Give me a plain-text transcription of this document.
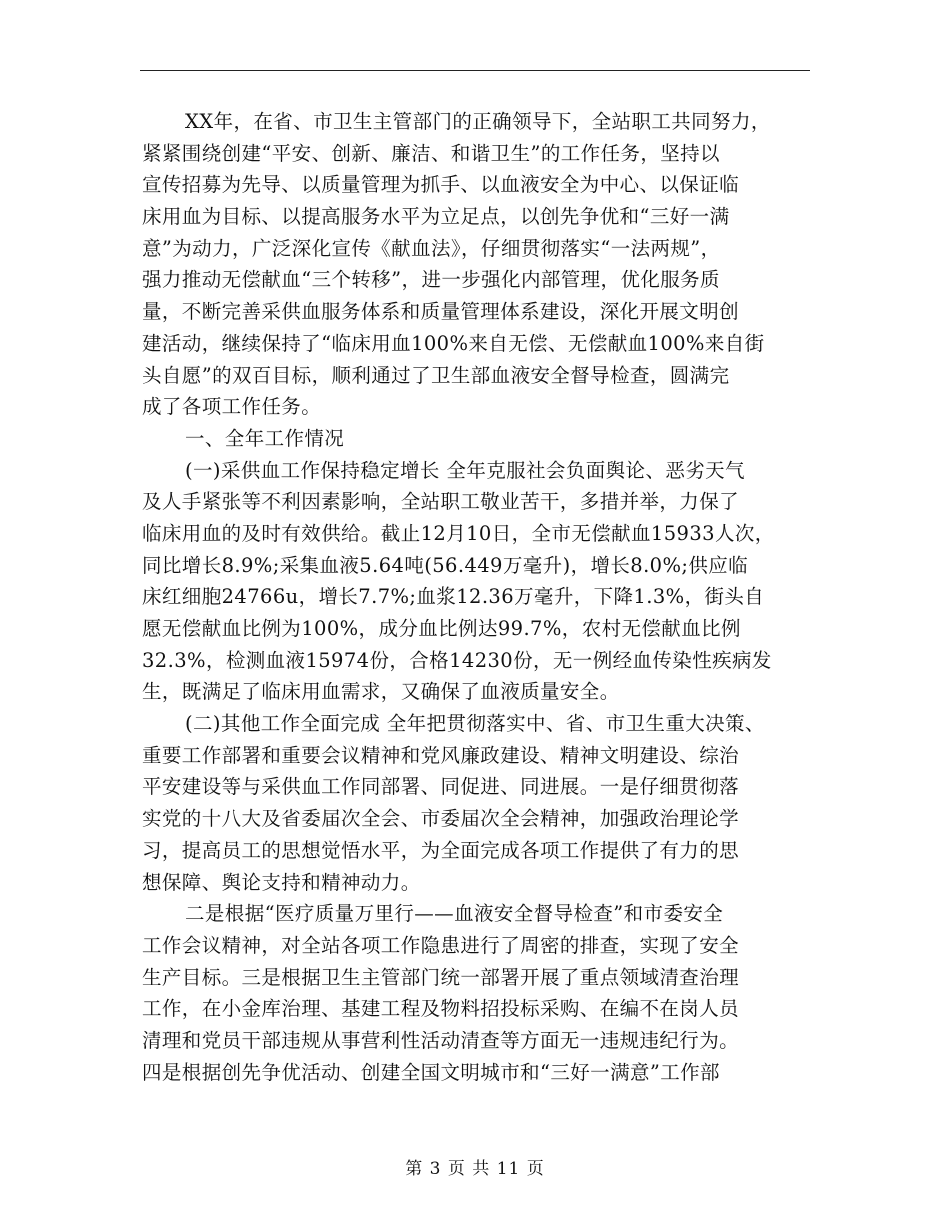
XX年，在省、市卫生主管部门的正确领导下，全站职工共同努力，
紧紧围绕创建“平安、创新、廉洁、和谐卫生”的工作任务，坚持以
宣传招募为先导、以质量管理为抓手、以血液安全为中心、以保证临
床用血为目标、以提高服务水平为立足点，以创先争优和“三好一满
意”为动力，广泛深化宣传《献血法》，仔细贯彻落实“一法两规”，
强力推动无偿献血“三个转移”，进一步强化内部管理，优化服务质
量，不断完善采供血服务体系和质量管理体系建设，深化开展文明创
建活动，继续保持了“临床用血100%来自无偿、无偿献血100%来自街
头自愿”的双百目标，顺利通过了卫生部血液安全督导检查，圆满完
成了各项工作任务。
一、全年工作情况
(一)采供血工作保持稳定增长 全年克服社会负面舆论、恶劣天气
及人手紧张等不利因素影响，全站职工敬业苦干，多措并举，力保了
临床用血的及时有效供给。截止12月10日，全市无偿献血15933人次，
同比增长8.9%;采集血液5.64吨(56.449万毫升)，增长8.0%;供应临
床红细胞24766u，增长7.7%;血浆12.36万毫升，下降1.3%，街头自
愿无偿献血比例为100%，成分血比例达99.7%，农村无偿献血比例
32.3%，检测血液15974份，合格14230份，无一例经血传染性疾病发
生，既满足了临床用血需求，又确保了血液质量安全。
(二)其他工作全面完成 全年把贯彻落实中、省、市卫生重大决策、
重要工作部署和重要会议精神和党风廉政建设、精神文明建设、综治
平安建设等与采供血工作同部署、同促进、同进展。一是仔细贯彻落
实党的十八大及省委届次全会、市委届次全会精神，加强政治理论学
习，提高员工的思想觉悟水平，为全面完成各项工作提供了有力的思
想保障、舆论支持和精神动力。
二是根据“医疗质量万里行——血液安全督导检查”和市委安全
工作会议精神，对全站各项工作隐患进行了周密的排查，实现了安全
生产目标。三是根据卫生主管部门统一部署开展了重点领域清查治理
工作，在小金库治理、基建工程及物料招投标采购、在编不在岗人员
清理和党员干部违规从事营利性活动清查等方面无一违规违纪行为。
四是根据创先争优活动、创建全国文明城市和“三好一满意”工作部
第 3 页 共 11 页
